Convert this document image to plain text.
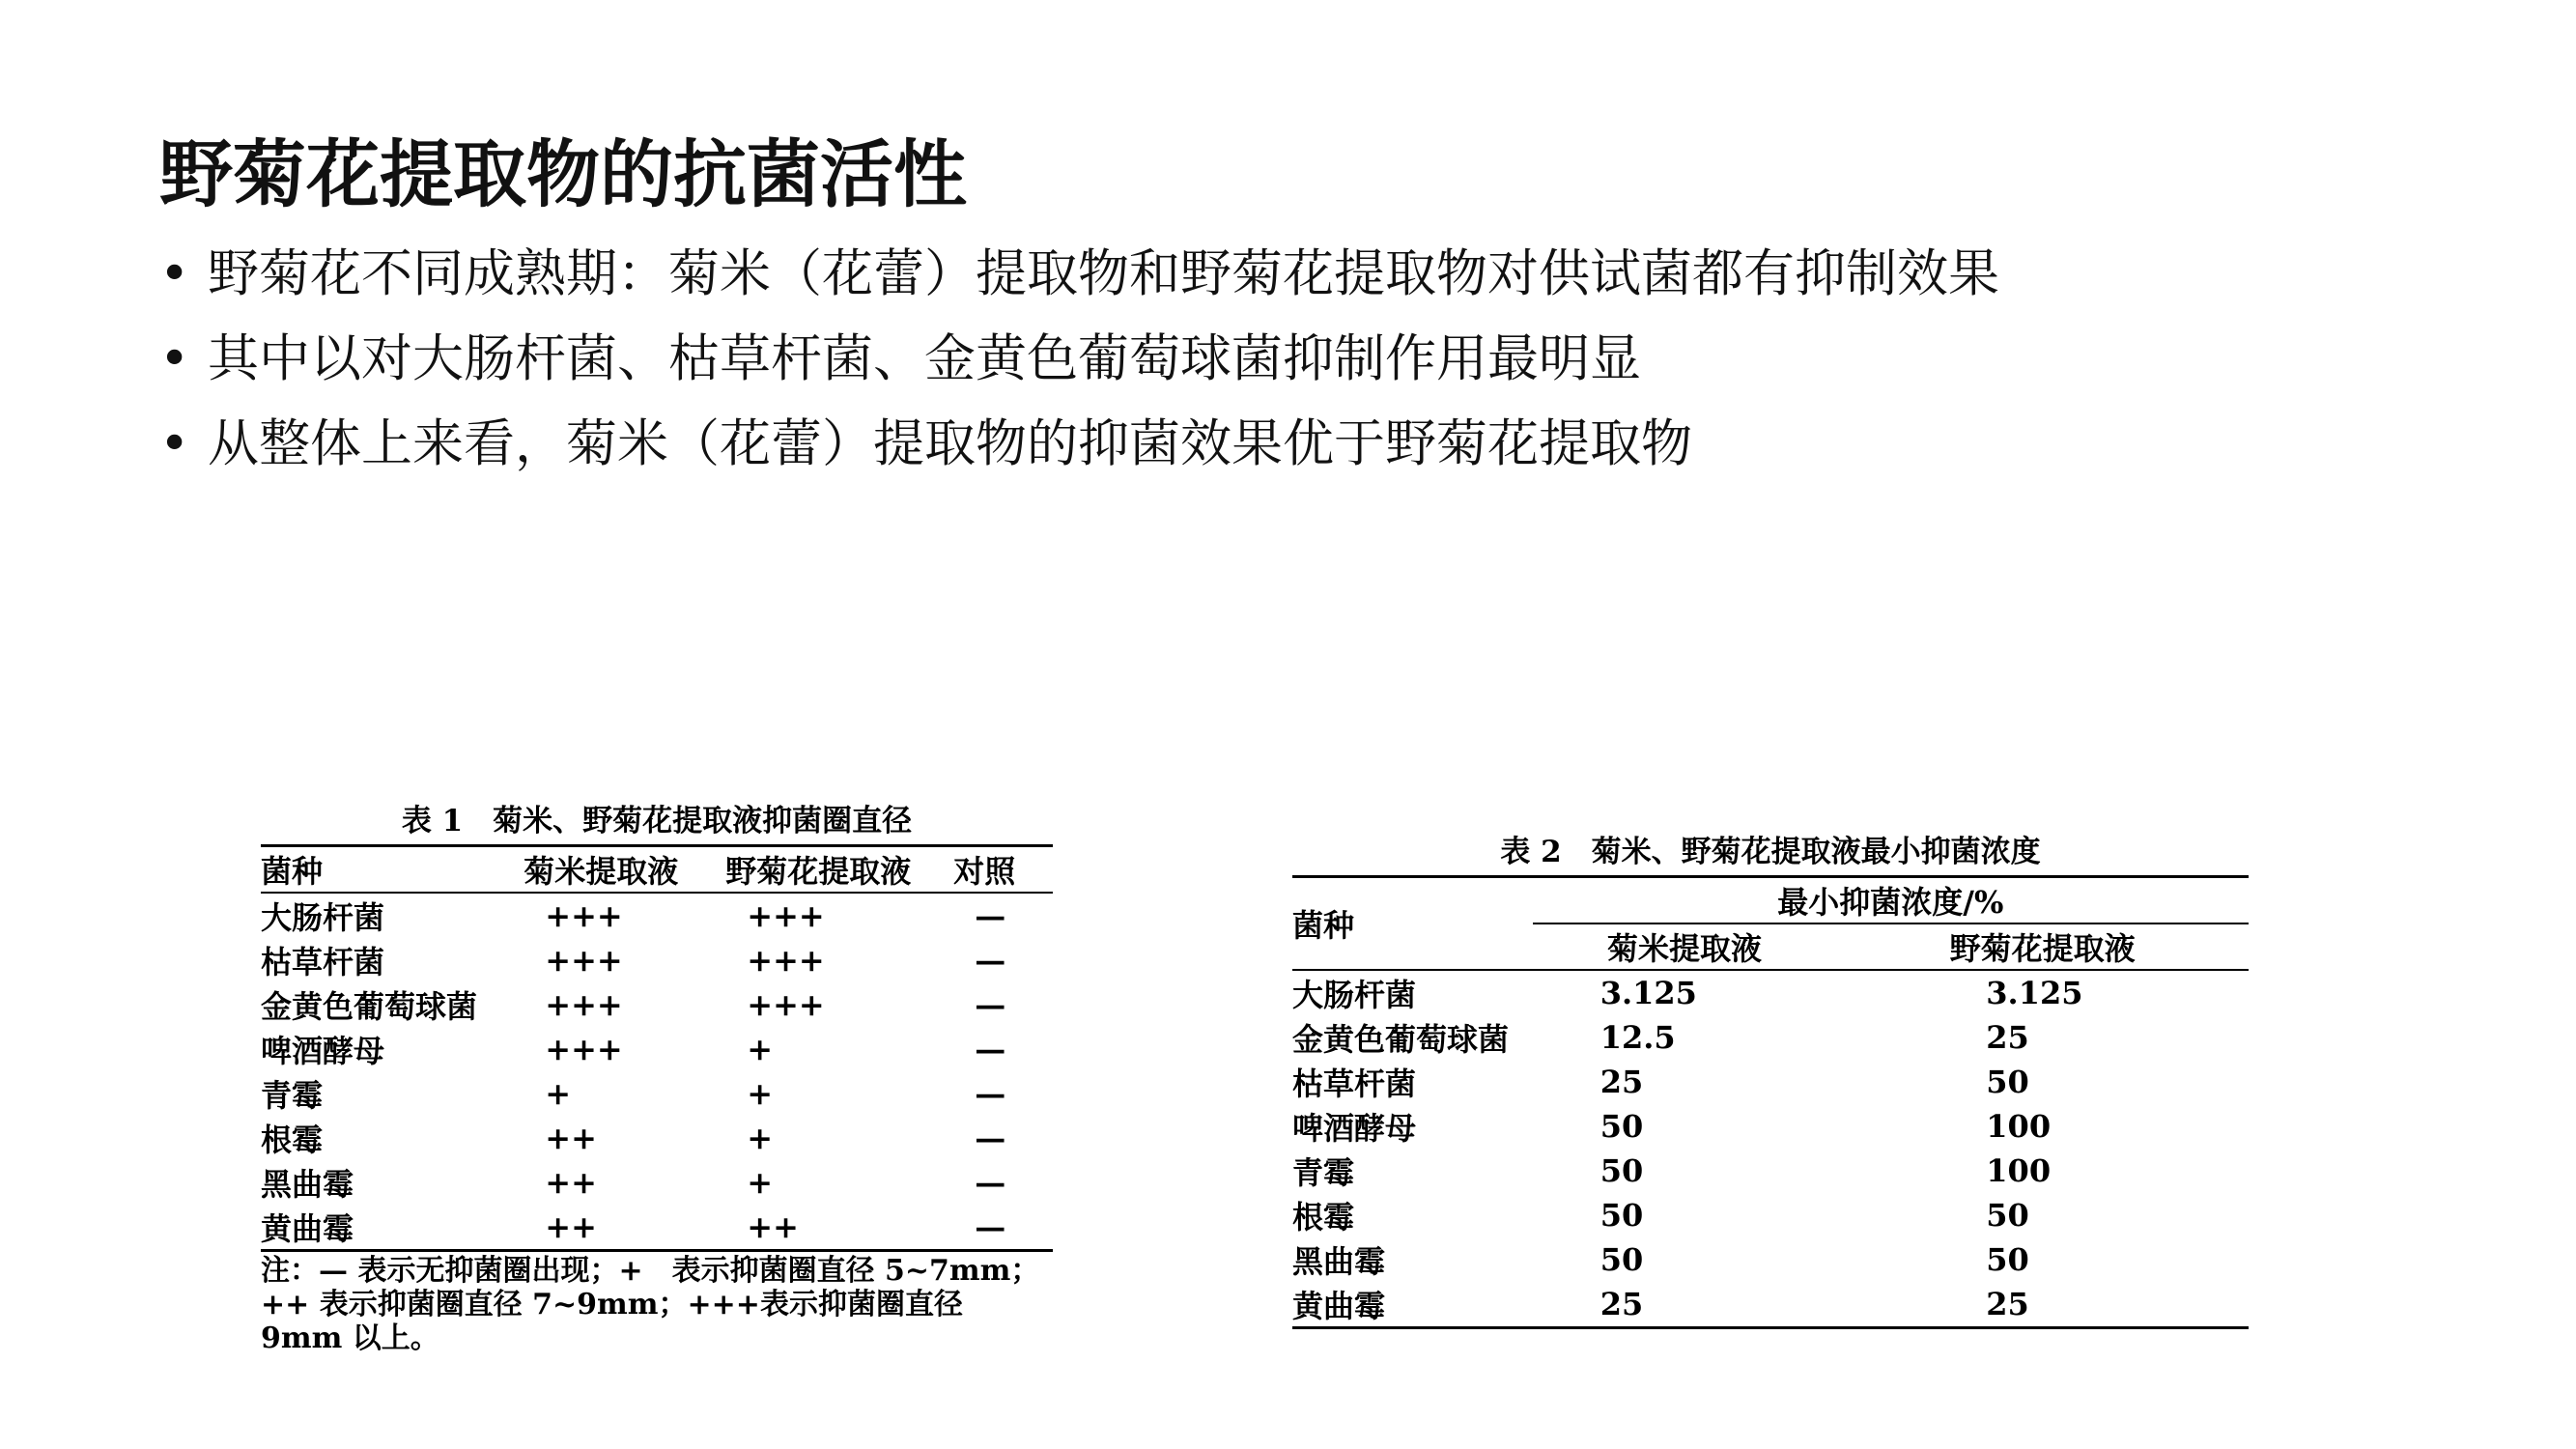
野菊花提取物的抗菌活性
• 野菊花不同成熟期：菊米（花蕾）提取物和野菊花提取物对供试菌都有抑制效果
• 其中以对大肠杆菌、枯草杆菌、金黄色葡萄球菌抑制作用最明显
• 从整体上来看，菊米（花蕾）提取物的抑菌效果优于野菊花提取物
表 1　菊米、野菊花提取液抑菌圈直径
菌种	菊米提取液	野菊花提取液	对照
大肠杆菌	+++	+++	—
枯草杆菌	+++	+++	—
金黄色葡萄球菌	+++	+++	—
啤酒酵母	+++	+	—
青霉	+	+	—
根霉	++	+	—
黑曲霉	++	+	—
黄曲霉	++	++	—
注：— 表示无抑菌圈出现；+　表示抑菌圈直径 5~7mm；++ 表示抑菌圈直径 7~9mm；+++表示抑菌圈直径 9mm 以上。
表 2　菊米、野菊花提取液最小抑菌浓度
菌种	最小抑菌浓度/%	
	菊米提取液	野菊花提取液
大肠杆菌	3.125	3.125
金黄色葡萄球菌	12.5	25
枯草杆菌	25	50
啤酒酵母	50	100
青霉	50	100
根霉	50	50
黑曲霉	50	50
黄曲霉	25	25
